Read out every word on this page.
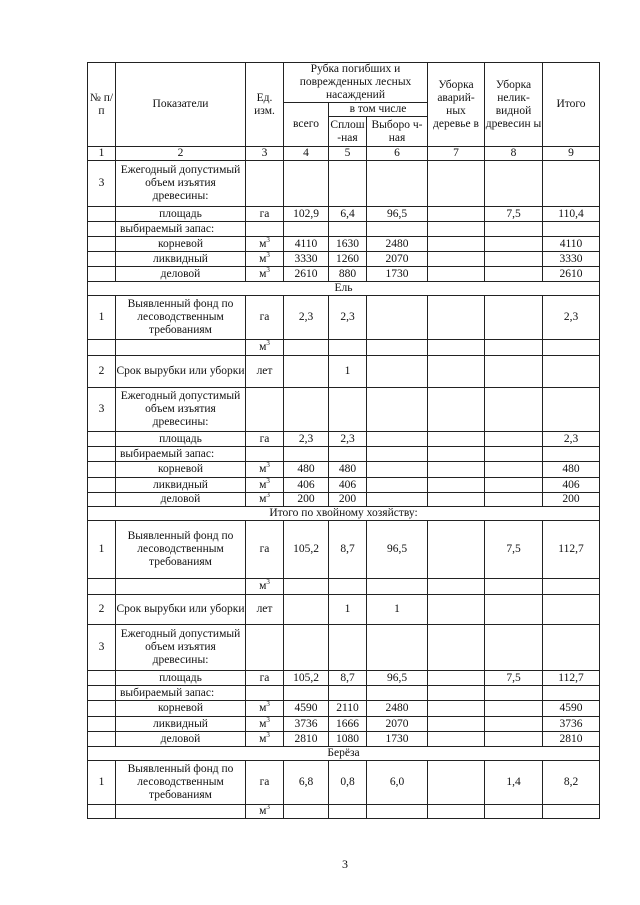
№ п/ п	Показатели	Ед. изм.	Рубка погибших и поврежденных лесных насаждений			Уборка аварий-ных деревье в	Уборка нелик-видной древесин ы	Итого
			всего	в том числе				
				Сплош -ная	Выборо ч-ная			
1	2	3	4	5	6	7	8	9
3	Ежегодный допустимый объем изъятия древесины:							
	площадь	га	102,9	6,4	96,5		7,5	110,4
	выбираемый запас:							
	корневой	$м^3$	4110	1630	2480			4110
	ликвидный	$м^3$	3330	1260	2070			3330
	деловой	$м^3$	2610	880	1730			2610
Ель								
1	Выявленный фонд по лесоводственным требованиям	га	2,3	2,3				2,3
		$м^3$						
2	Срок вырубки или уборки	лет		1				
3	Ежегодный допустимый объем изъятия древесины:							
	площадь	га	2,3	2,3				2,3
	выбираемый запас:							
	корневой	$м^3$	480	480				480
	ликвидный	$м^3$	406	406				406
	деловой	$м^3$	200	200				200
Итого по хвойному хозяйству:								
1	Выявленный фонд по лесоводственным требованиям	га	105,2	8,7	96,5		7,5	112,7
		$м^3$						
2	Срок вырубки или уборки	лет		1	1			
3	Ежегодный допустимый объем изъятия древесины:							
	площадь	га	105,2	8,7	96,5		7,5	112,7
	выбираемый запас:							
	корневой	$м^3$	4590	2110	2480			4590
	ликвидный	$м^3$	3736	1666	2070			3736
	деловой	$м^3$	2810	1080	1730			2810
Берёза								
1	Выявленный фонд по лесоводственным требованиям	га	6,8	0,8	6,0		1,4	8,2
		$м^3$						
3
